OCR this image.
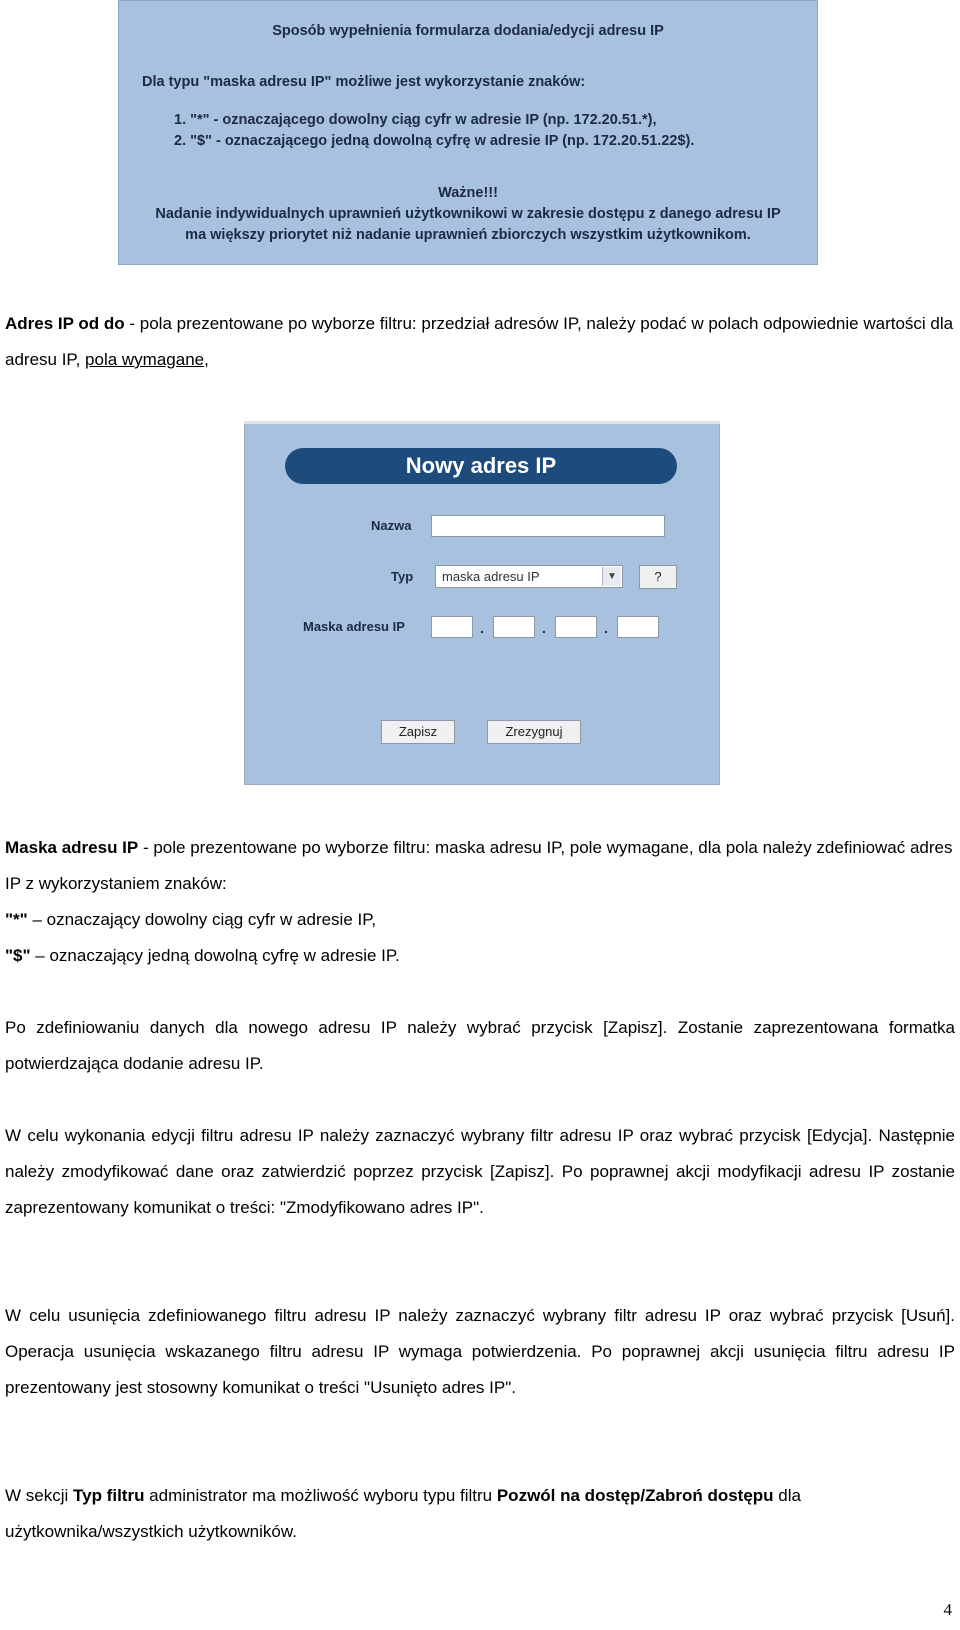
Sposób wypełnienia formularza dodania/edycji adresu IP
Dla typu "maska adresu IP" możliwe jest wykorzystanie znaków:
1. "*" - oznaczającego dowolny ciąg cyfr w adresie IP (np. 172.20.51.*),
2. "$" - oznaczającego jedną dowolną cyfrę w adresie IP (np. 172.20.51.22$).
Ważne!!!
Nadanie indywidualnych uprawnień użytkownikowi w zakresie dostępu z danego adresu IP
ma większy priorytet niż nadanie uprawnień zbiorczych wszystkim użytkownikom.

Adres IP od do - pola prezentowane po wyborze filtru: przedział adresów IP, należy podać w polach odpowiednie wartości dla adresu IP, pola wymagane,

Nowy adres IP
Nazwa
Typ	maska adresu IP	▼	?
Maska adresu IP	.	.	.
Zapisz	Zrezygnuj

Maska adresu IP - pole prezentowane po wyborze filtru: maska adresu IP, pole wymagane, dla pola należy zdefiniować adres IP z wykorzystaniem znaków:
"*" – oznaczający dowolny ciąg cyfr w adresie IP,
"$" – oznaczający jedną dowolną cyfrę w adresie IP.

Po zdefiniowaniu danych dla nowego adresu IP należy wybrać przycisk [Zapisz]. Zostanie zaprezentowana formatka potwierdzająca dodanie adresu IP.

W celu wykonania edycji filtru adresu IP należy zaznaczyć wybrany filtr adresu IP oraz wybrać przycisk [Edycja]. Następnie należy zmodyfikować dane oraz zatwierdzić poprzez przycisk [Zapisz]. Po poprawnej akcji modyfikacji adresu IP zostanie zaprezentowany komunikat o treści: "Zmodyfikowano adres IP".

W celu usunięcia zdefiniowanego filtru adresu IP należy zaznaczyć wybrany filtr adresu IP oraz wybrać przycisk [Usuń]. Operacja usunięcia wskazanego filtru adresu IP wymaga potwierdzenia. Po poprawnej akcji usunięcia filtru adresu IP prezentowany jest stosowny komunikat o treści "Usunięto adres IP".

W sekcji Typ filtru administrator ma możliwość wyboru typu filtru Pozwól na dostęp/Zabroń dostępu dla użytkownika/wszystkich użytkowników.

4
